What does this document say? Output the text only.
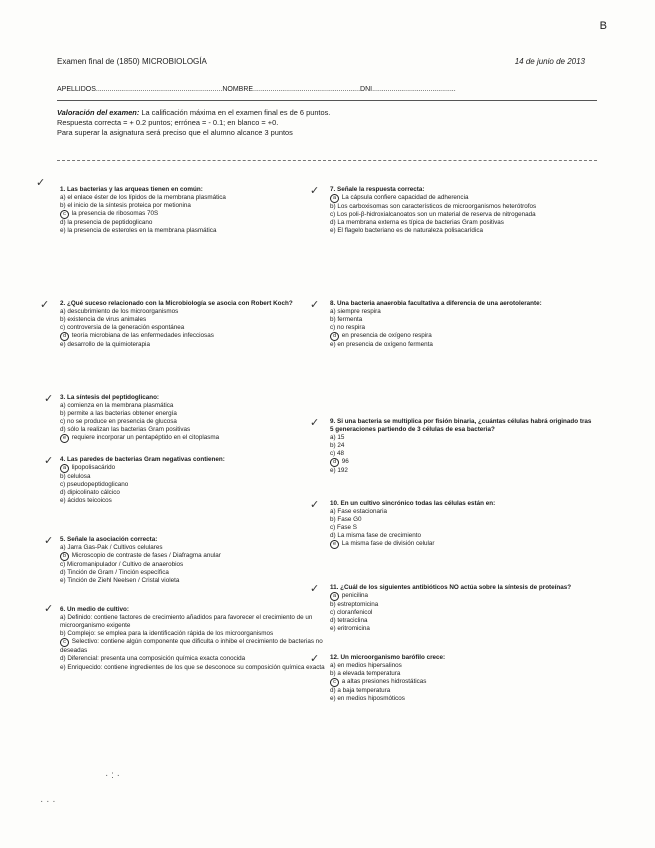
B
Examen final de (1850) MICROBIOLOGÍA	14 de junio de 2013
APELLIDOS.................................................................NOMBRE.......................................................DNI...........................................
Valoración del examen: La calificación máxima en el examen final es de 6 puntos.
Respuesta correcta = + 0.2 puntos; errónea = - 0.1; en blanco = +0.
Para superar la asignatura será preciso que el alumno alcance 3 puntos
1. Las bacterias y las arqueas tienen en común:
a) el enlace éster de los lípidos de la membrana plasmática
b) el inicio de la síntesis proteica por metionina
c la presencia de ribosomas 70S
d) la presencia de peptidoglicano
e) la presencia de esteroles en la membrana plasmática
2. ¿Qué suceso relacionado con la Microbiología se asocia con Robert Koch?
a) descubrimiento de los microorganismos
b) existencia de virus animales
c) controversia de la generación espontánea
d teoría microbiana de las enfermedades infecciosas
e) desarrollo de la quimioterapia
3. La síntesis del peptidoglicano:
a) comienza en la membrana plasmática
b) permite a las bacterias obtener energía
c) no se produce en presencia de glucosa
d) sólo la realizan las bacterias Gram positivas
e requiere incorporar un pentapéptido en el citoplasma
4. Las paredes de bacterias Gram negativas contienen:
a lipopolisacárido
b) celulosa
c) pseudopeptidoglicano
d) dipicolinato cálcico
e) ácidos teicoicos
5. Señale la asociación correcta:
a) Jarra Gas-Pak / Cultivos celulares
b Microscopio de contraste de fases / Diafragma anular
c) Micromanipulador / Cultivo de anaerobios
d) Tinción de Gram / Tinción específica
e) Tinción de Ziehl Neelsen / Cristal violeta
6. Un medio de cultivo:
a) Definido: contiene factores de crecimiento añadidos para favorecer el crecimiento de un microorganismo exigente
b) Complejo: se emplea para la identificación rápida de los microorganismos
c Selectivo: contiene algún componente que dificulta o inhibe el crecimiento de bacterias no deseadas
d) Diferencial: presenta una composición química exacta conocida
e) Enriquecido: contiene ingredientes de los que se desconoce su composición química exacta
7. Señale la respuesta correcta:
a La cápsula confiere capacidad de adherencia
b) Los carboxisomas son característicos de microorganismos heterótrofos
c) Los poli-β-hidroxialcanoatos son un material de reserva de nitrogenada
d) La membrana externa es típica de bacterias Gram positivas
e) El flagelo bacteriano es de naturaleza polisacarídica
8. Una bacteria anaerobia facultativa a diferencia de una aerotolerante:
a) siempre respira
b) fermenta
c) no respira
d en presencia de oxígeno respira
e) en presencia de oxígeno fermenta
9. Si una bacteria se multiplica por fisión binaria, ¿cuántas células habrá originado tras 5 generaciones partiendo de 3 células de esa bacteria?
a) 15
b) 24
c) 48
d 96
e) 192
10. En un cultivo sincrónico todas las células están en:
a) Fase estacionaria
b) Fase G0
c) Fase S
d) La misma fase de crecimiento
e La misma fase de división celular
11. ¿Cuál de los siguientes antibióticos NO actúa sobre la síntesis de proteínas?
a penicilina
b) estreptomicina
c) cloranfenicol
d) tetraciclina
e) eritromicina
12. Un microorganismo barófilo crece:
a) en medios hipersalinos
b) a elevada temperatura
c a altas presiones hidrostáticas
d) a baja temperatura
e) en medios hiposmóticos
✓
✓
✓
✓
✓
✓
✓
✓
✓
✓
✓
✓
· : ·
· · ·
